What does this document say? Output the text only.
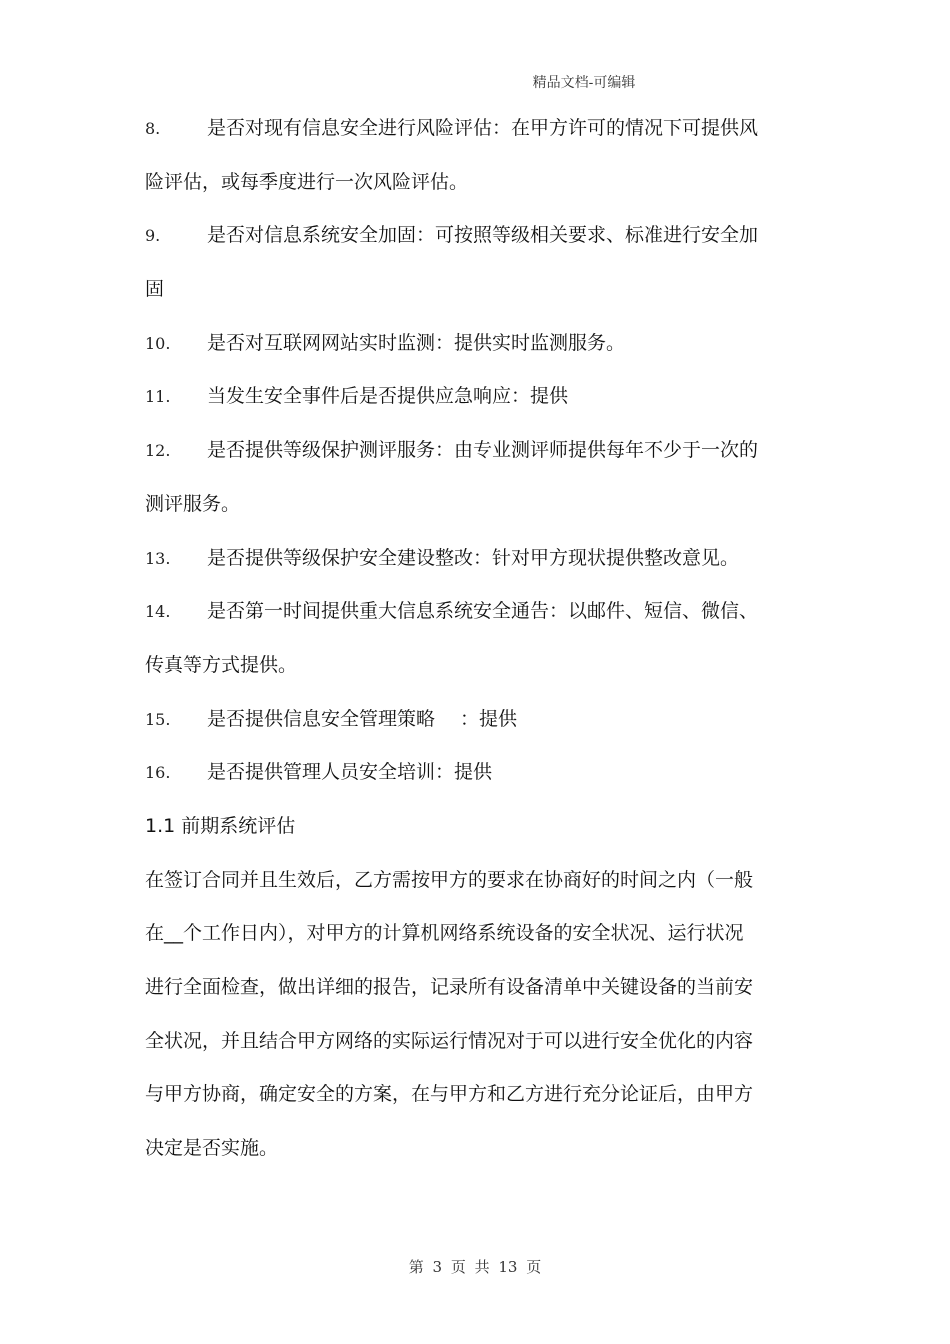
精品文档-可编辑
8. 是否对现有信息安全进行风险评估：在甲方许可的情况下可提供风
险评估，或每季度进行一次风险评估。
9. 是否对信息系统安全加固：可按照等级相关要求、标准进行安全加
固
10. 是否对互联网网站实时监测：提供实时监测服务。
11. 当发生安全事件后是否提供应急响应：提供
12. 是否提供等级保护测评服务：由专业测评师提供每年不少于一次的
测评服务。
13. 是否提供等级保护安全建设整改：针对甲方现状提供整改意见。
14. 是否第一时间提供重大信息系统安全通告：以邮件、短信、微信、
传真等方式提供。
15. 是否提供信息安全管理策略　 ：提供
16. 是否提供管理人员安全培训：提供
1.1 前期系统评估
在签订合同并且生效后，乙方需按甲方的要求在协商好的时间之内（一般
在__个工作日内），对甲方的计算机网络系统设备的安全状况、运行状况
进行全面检查，做出详细的报告，记录所有设备清单中关键设备的当前安
全状况，并且结合甲方网络的实际运行情况对于可以进行安全优化的内容
与甲方协商，确定安全的方案，在与甲方和乙方进行充分论证后，由甲方
决定是否实施。
第 3 页 共 13 页
